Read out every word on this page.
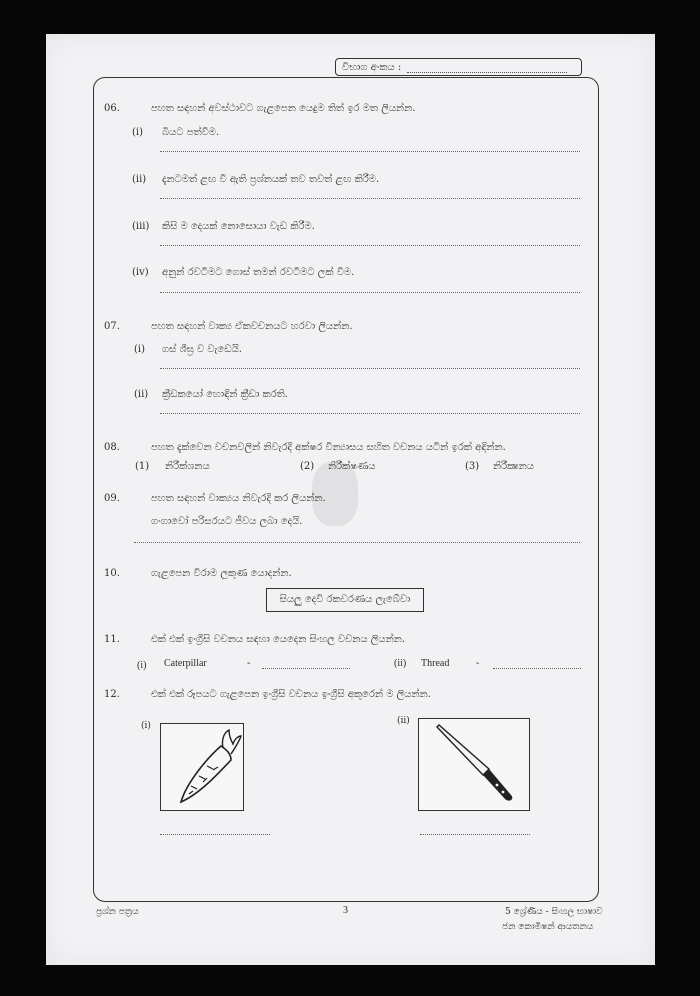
විභාග අංකය :
06.	පහත සඳහන් අවස්ථාවට ගැළපෙන යෙදුම තිත් ඉර මත ලියන්න.
(i) බියට පත්වීම.
(ii) දැනටමත් ළඟ වී ඇති ප්‍රශ්නයක් තව තවත් ළඟ කිරීම.
(iii) කිසි ම දෙයක් නොසොයා වැඩ කිරීම.
(iv) අනුන් රවටීමට ගොස් තමන් රවටීමට ලක් වීම.
07.	පහත සඳහන් වාක්‍ය ඒකවචනයට හරවා ලියන්න.
(i) ගස් ශීඝ්‍ර ව වැඩෙයි.
(ii) ක්‍රීඩකයෝ හොඳින් ක්‍රීඩා කරති.
08.	පහත දැක්වෙන වචනවලින් නිවැරදි අක්ෂර වින්‍යාසය සහිත වචනය යටින් ඉරක් අඳින්න.
(1) නිරීක්ශනය	(2) නිරීක්ෂණය	(3) නිරීක්‍ෂනය
09.	පහත සඳහන් වාක්‍යය නිවැරදි කර ලියන්න.
ගංගාවෝ පරිසරයට ජීවය ලබා දෙයි.
10.	ගැළපෙන විරාම ලකුණ යොදන්න.
සියලු දෙවි රකවරණය ලැබේවා
11.	එක් එක් ඉංග්‍රීසි වචනය සඳහා යෙදෙන සිංහල වචනය ලියන්න.
(i) Caterpillar	-	(ii) Thread	-
12.	එක් එක් රූපයට ගැළපෙන ඉංග්‍රීසි වචනය ඉංග්‍රීසි අකුරෙන් ම ලියන්න.
(i)	(ii)
ප්‍රශ්න පත්‍රය	3	5 ශ්‍රේණිය - සිංහල භාෂාව
ජන කොමිෂන් ආයතනය
